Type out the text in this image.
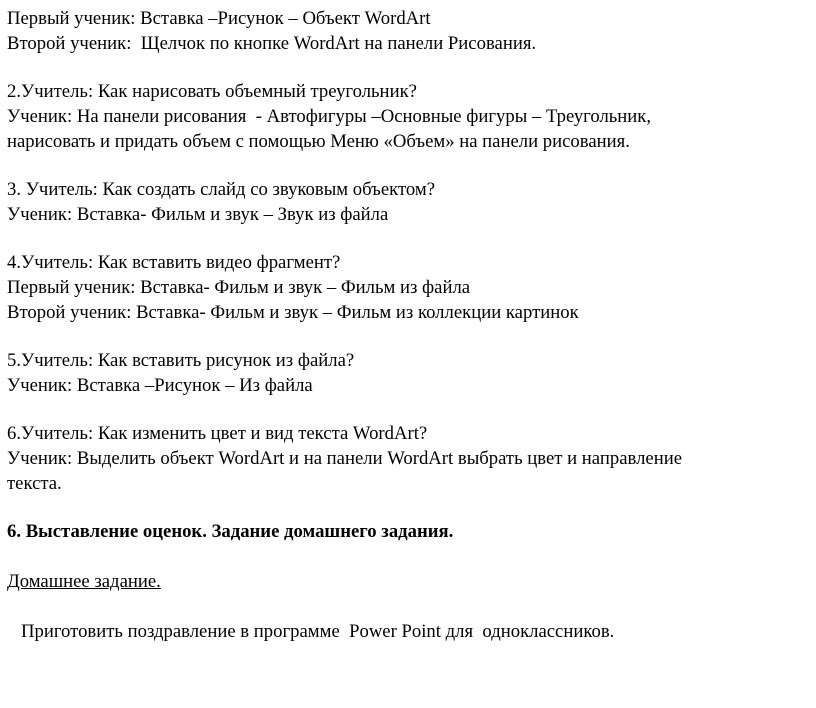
Первый ученик: Вставка –Рисунок – Объект WordArt
Второй ученик:  Щелчок по кнопке WordArt на панели Рисования.
2.Учитель: Как нарисовать объемный треугольник?
Ученик: На панели рисования  - Автофигуры –Основные фигуры – Треугольник,
нарисовать и придать объем с помощью Меню «Объем» на панели рисования.
3. Учитель: Как создать слайд со звуковым объектом?
Ученик: Вставка- Фильм и звук – Звук из файла
4.Учитель: Как вставить видео фрагмент?
Первый ученик: Вставка- Фильм и звук – Фильм из файла
Второй ученик: Вставка- Фильм и звук – Фильм из коллекции картинок
5.Учитель: Как вставить рисунок из файла?
Ученик: Вставка –Рисунок – Из файла
6.Учитель: Как изменить цвет и вид текста WordArt?
Ученик: Выделить объект WordArt и на панели WordArt выбрать цвет и направление
текста.
6. Выставление оценок. Задание домашнего задания.
Домашнее задание.
Приготовить поздравление в программе  Power Point для  одноклассников.
